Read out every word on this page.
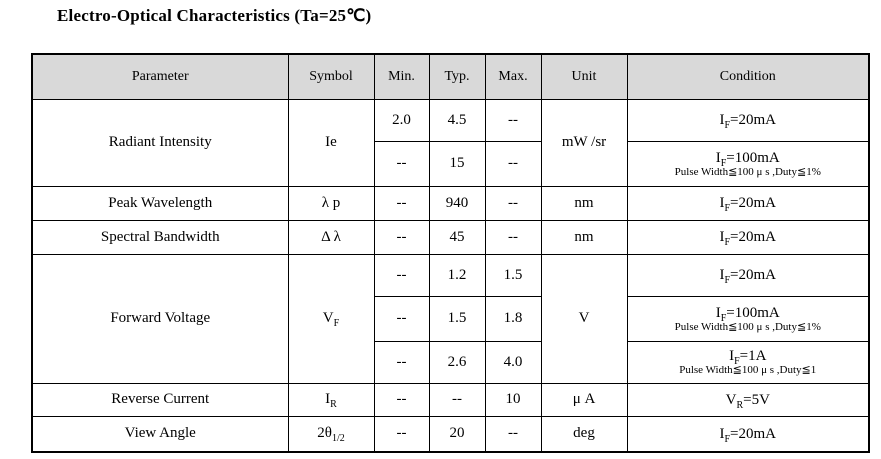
Electro-Optical Characteristics (Ta=25℃)
Parameter	Symbol	Min.	Typ.	Max.	Unit	Condition
Radiant Intensity	Ie	2.0	4.5	--	mW /sr	$I_F=20mA$

		--	15	--		$I_F=100mA$
Pulse Width≦100 μ s ,Duty≦1%

Peak Wavelength	λ p	--	940	--	nm	$I_F=20mA$

Spectral Bandwidth	Δ λ	--	45	--	nm	$I_F=20mA$

Forward Voltage	$V_F$	--	1.2	1.5	V	$I_F=20mA$

		--	1.5	1.8		$I_F=100mA$
Pulse Width≦100 μ s ,Duty≦1%

		--	2.6	4.0		$I_F=1A$
Pulse Width≦100 μ s ,Duty≦1

Reverse Current	$I_R$	--	--	10	μ A	$V_R=5V$

View Angle	$2\theta_{1/2}$	--	20	--	deg	$I_F=20mA$
